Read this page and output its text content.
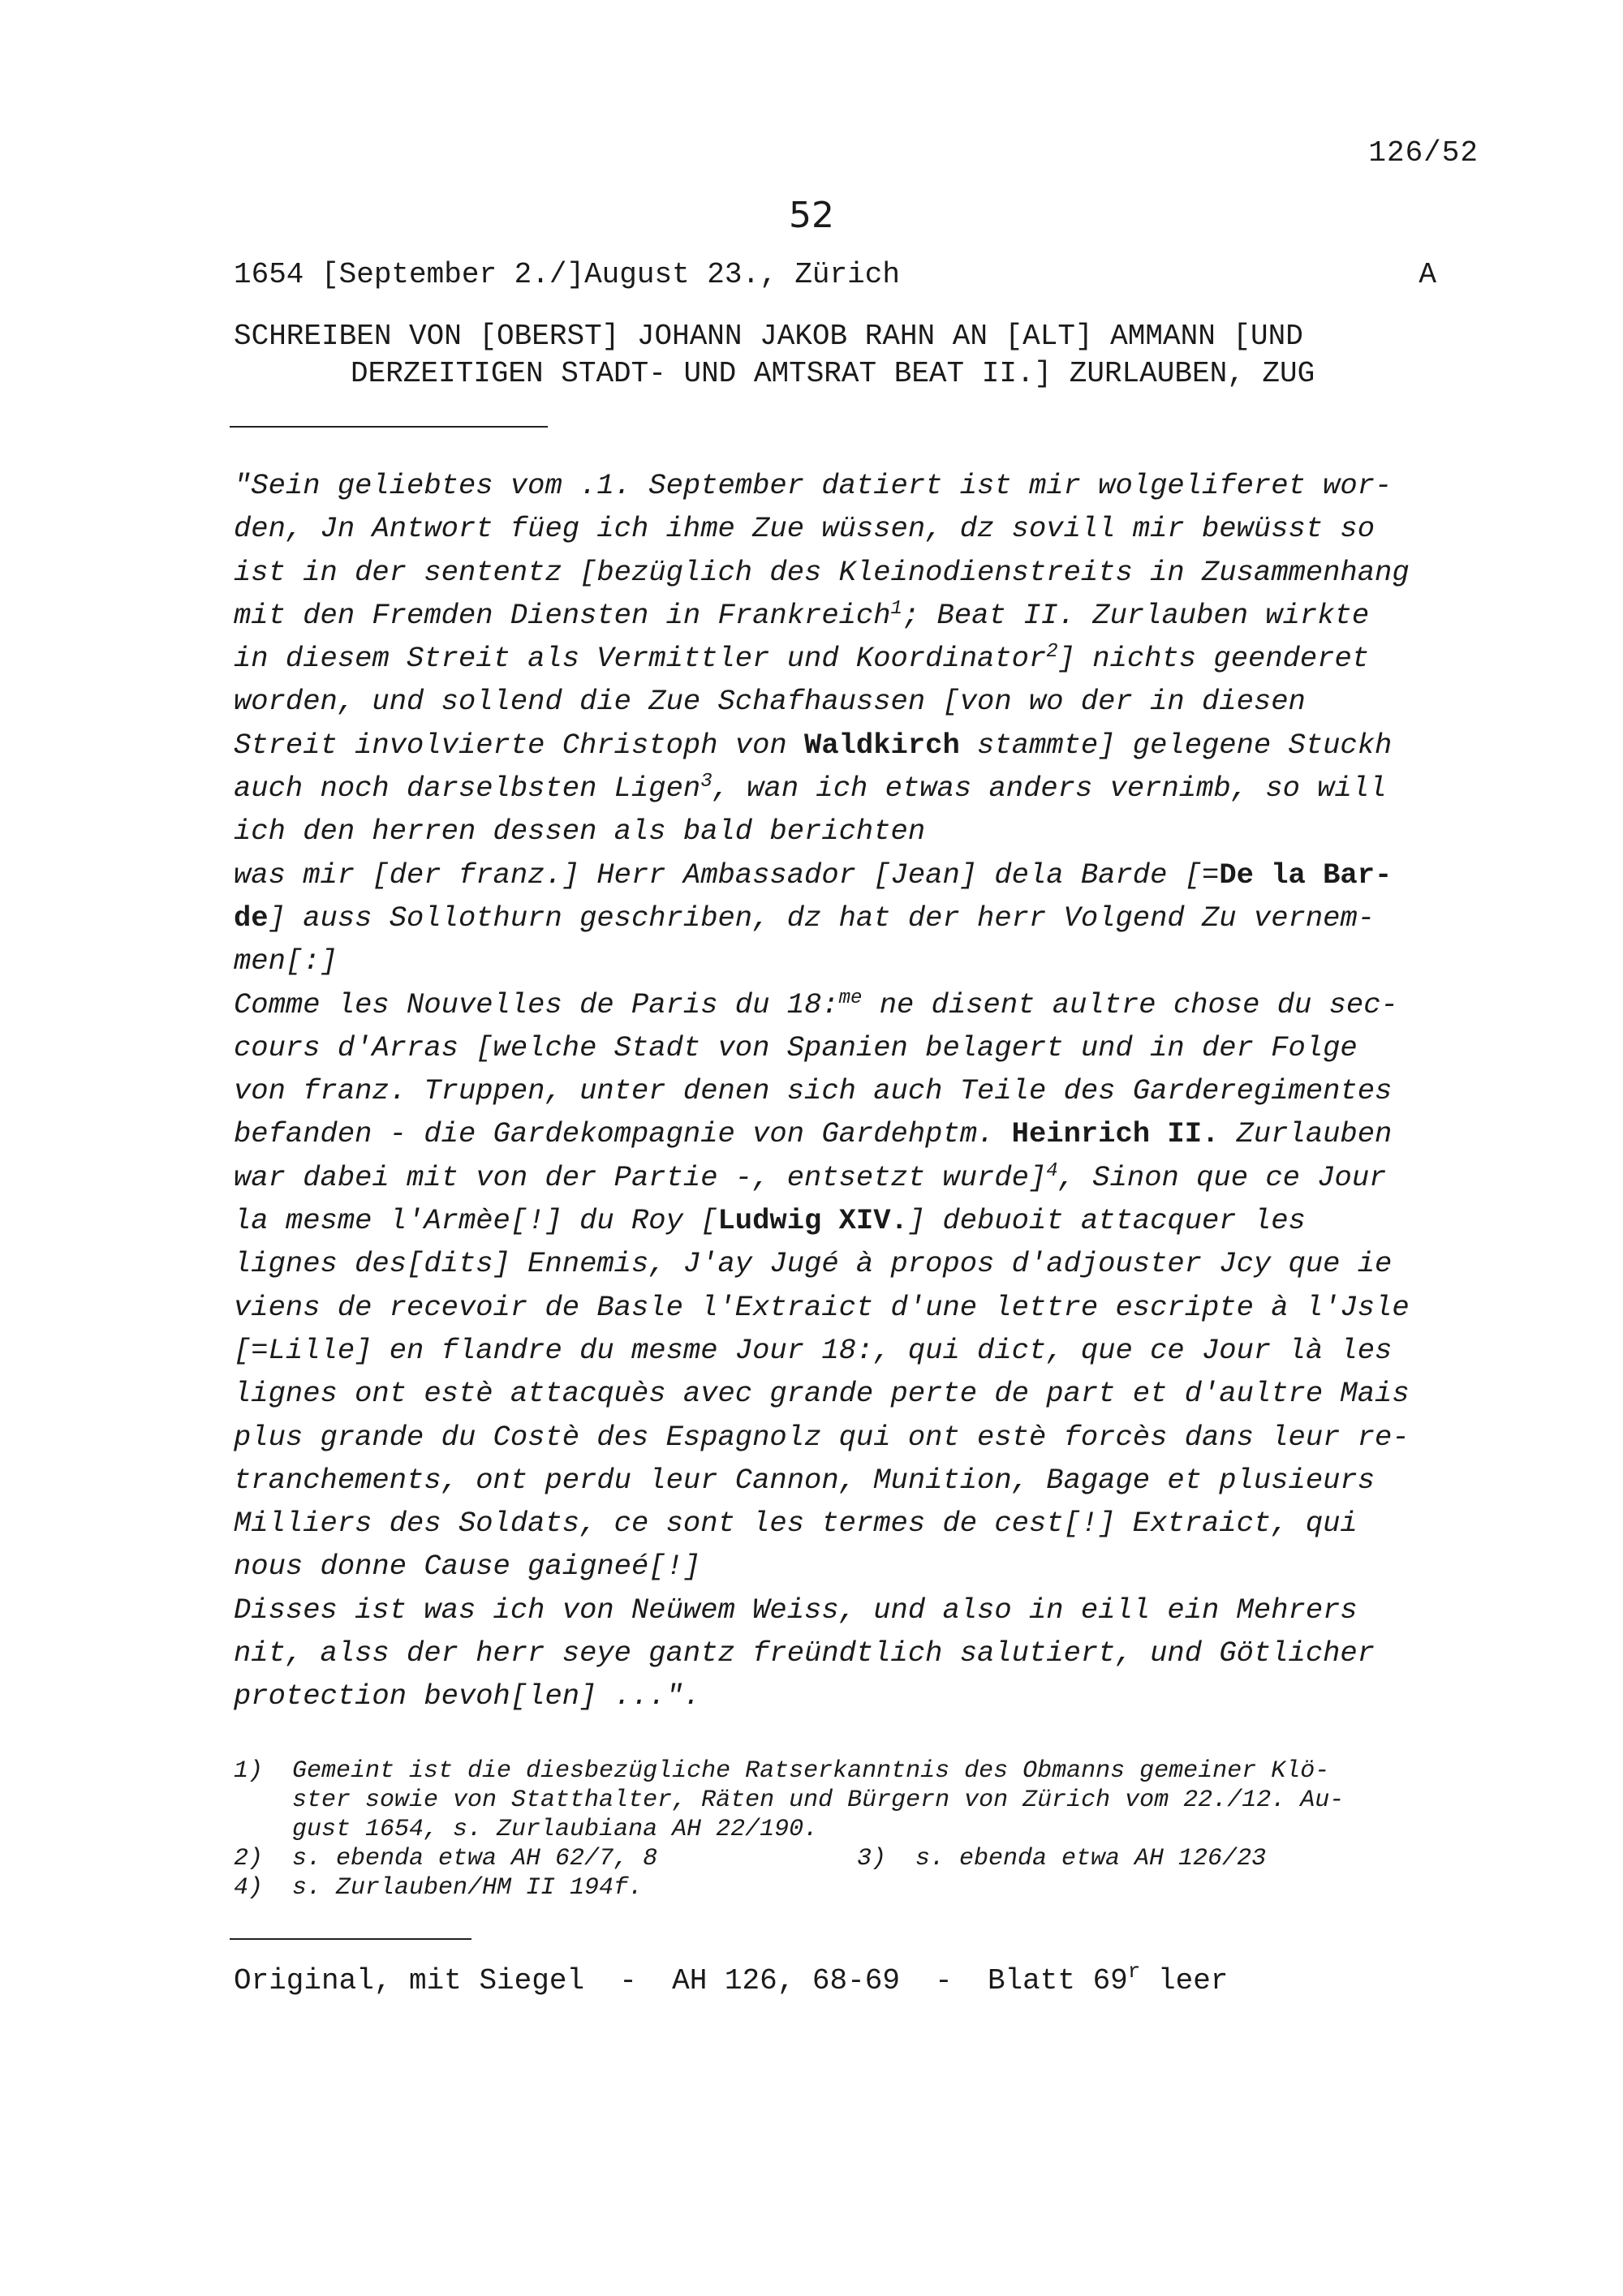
126/52
52
1654 [September 2./]August 23., Zürich	A
SCHREIBEN VON [OBERST] JOHANN JAKOB RAHN AN [ALT] AMMANN [UND
DERZEITIGEN STADT- UND AMTSRAT BEAT II.] ZURLAUBEN, ZUG

"Sein geliebtes vom .1. September datiert ist mir wolgeliferet wor-

den, Jn Antwort füeg ich ihme Zue wüssen, dz sovill mir bewüsst so

ist in der sententz [bezüglich des Kleinodienstreits in Zusammenhang

mit den Fremden Diensten in Frankreich$^1$; Beat II. Zurlauben wirkte

in diesem Streit als Vermittler und Koordinator$^2$] nichts geenderet

worden, und sollend die Zue Schafhaussen [von wo der in diesen

Streit involvierte Christoph von Waldkirch stammte] gelegene Stuckh

auch noch darselbsten Ligen$^3$, wan ich etwas anders vernimb, so will

ich den herren dessen als bald berichten

was mir [der franz.] Herr Ambassador [Jean] dela Barde [=De la Bar-

de] auss Sollothurn geschriben, dz hat der herr Volgend Zu vernem-

men[:]

Comme les Nouvelles de Paris du 18:$^{me}$ ne disent aultre chose du sec-

cours d'Arras [welche Stadt von Spanien belagert und in der Folge

von franz. Truppen, unter denen sich auch Teile des Garderegimentes

befanden - die Gardekompagnie von Gardehptm. Heinrich II. Zurlauben

war dabei mit von der Partie -, entsetzt wurde]$^4$, Sinon que ce Jour

la mesme l'Armèe[!] du Roy [Ludwig XIV.] debuoit attacquer les

lignes des[dits] Ennemis, J'ay Jugé à propos d'adjouster Jcy que ie

viens de recevoir de Basle l'Extraict d'une lettre escripte à l'Jsle

[=Lille] en flandre du mesme Jour 18:, qui dict, que ce Jour là les

lignes ont estè attacquès avec grande perte de part et d'aultre Mais

plus grande du Costè des Espagnolz qui ont estè forcès dans leur re-

tranchements, ont perdu leur Cannon, Munition, Bagage et plusieurs

Milliers des Soldats, ce sont les termes de cest[!] Extraict, qui

nous donne Cause gaigneé[!]

Disses ist was ich von Neüwem Weiss, und also in eill ein Mehrers

nit, alss der herr seye gantz freündtlich salutiert, und Götlicher

protection bevoh[len] ...".

1)	Gemeint ist die diesbezügliche Ratserkanntnis des Obmanns gemeiner Klö-
ster sowie von Statthalter, Räten und Bürgern von Zürich vom 22./12. Au-
gust 1654, s. Zurlaubiana AH 22/190.
2)	s. ebenda etwa AH 62/7, 8	3)	s. ebenda etwa AH 126/23
4)	s. Zurlauben/HM II 194f.
Original, mit Siegel  -  AH 126, 68-69  -  Blatt 69$^r$ leer
